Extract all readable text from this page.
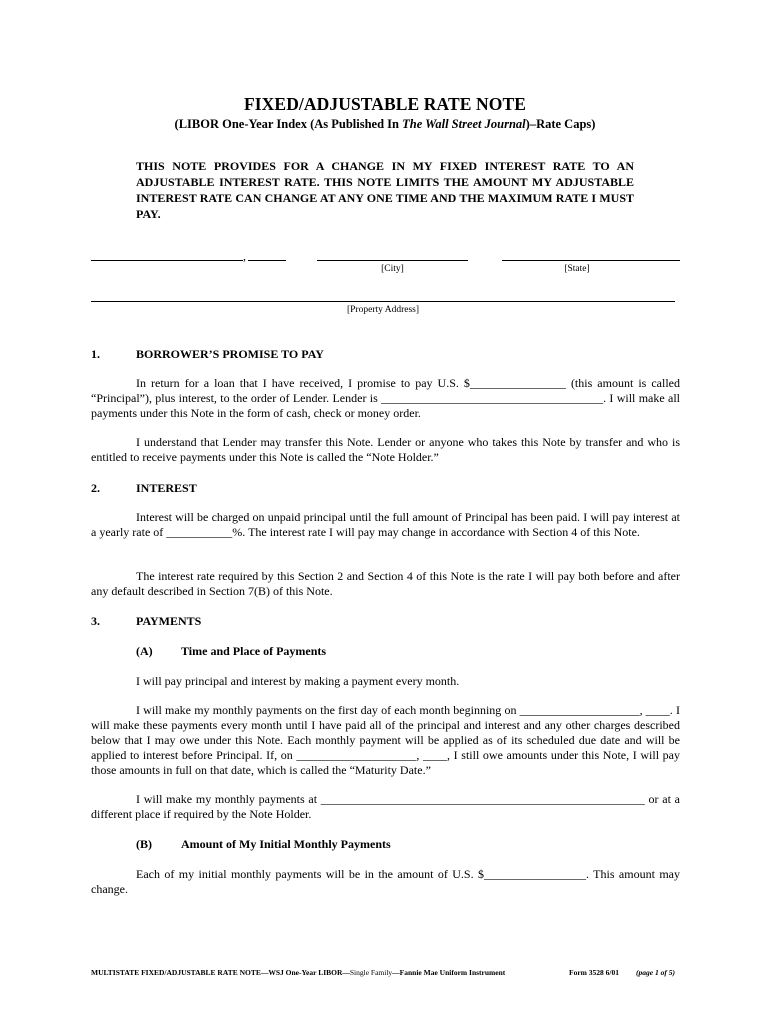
FIXED/ADJUSTABLE RATE NOTE
(LIBOR One-Year Index (As Published In The Wall Street Journal)–Rate Caps)
THIS NOTE PROVIDES FOR A CHANGE IN MY FIXED INTEREST RATE TO AN ADJUSTABLE INTEREST RATE. THIS NOTE LIMITS THE AMOUNT MY ADJUSTABLE INTEREST RATE CAN CHANGE AT ANY ONE TIME AND THE MAXIMUM RATE I MUST PAY.
,
[City]	[State]
[Property Address]
1.	BORROWER’S PROMISE TO PAY
In return for a loan that I have received, I promise to pay U.S. $________________ (this amount is called “Principal”), plus interest, to the order of Lender. Lender is _____________________________________. I will make all payments under this Note in the form of cash, check or money order.
I understand that Lender may transfer this Note. Lender or anyone who takes this Note by transfer and who is entitled to receive payments under this Note is called the “Note Holder.”
2.	INTEREST
Interest will be charged on unpaid principal until the full amount of Principal has been paid. I will pay interest at a yearly rate of ___________%. The interest rate I will pay may change in accordance with Section 4 of this Note.
The interest rate required by this Section 2 and Section 4 of this Note is the rate I will pay both before and after any default described in Section 7(B) of this Note.
3.	PAYMENTS
(A) Time and Place of Payments
I will pay principal and interest by making a payment every month.
I will make my monthly payments on the first day of each month beginning on ____________________, ____. I will make these payments every month until I have paid all of the principal and interest and any other charges described below that I may owe under this Note. Each monthly payment will be applied as of its scheduled due date and will be applied to interest before Principal. If, on ____________________, ____, I still owe amounts under this Note, I will pay those amounts in full on that date, which is called the “Maturity Date.”
I will make my monthly payments at ______________________________________________________ or at a different place if required by the Note Holder.
(B) Amount of My Initial Monthly Payments
Each of my initial monthly payments will be in the amount of U.S. $_________________. This amount may change.
MULTISTATE FIXED/ADJUSTABLE RATE NOTE—WSJ One-Year LIBOR—Single Family—Fannie Mae Uniform Instrument	Form 3528 6/01 (page 1 of 5)
